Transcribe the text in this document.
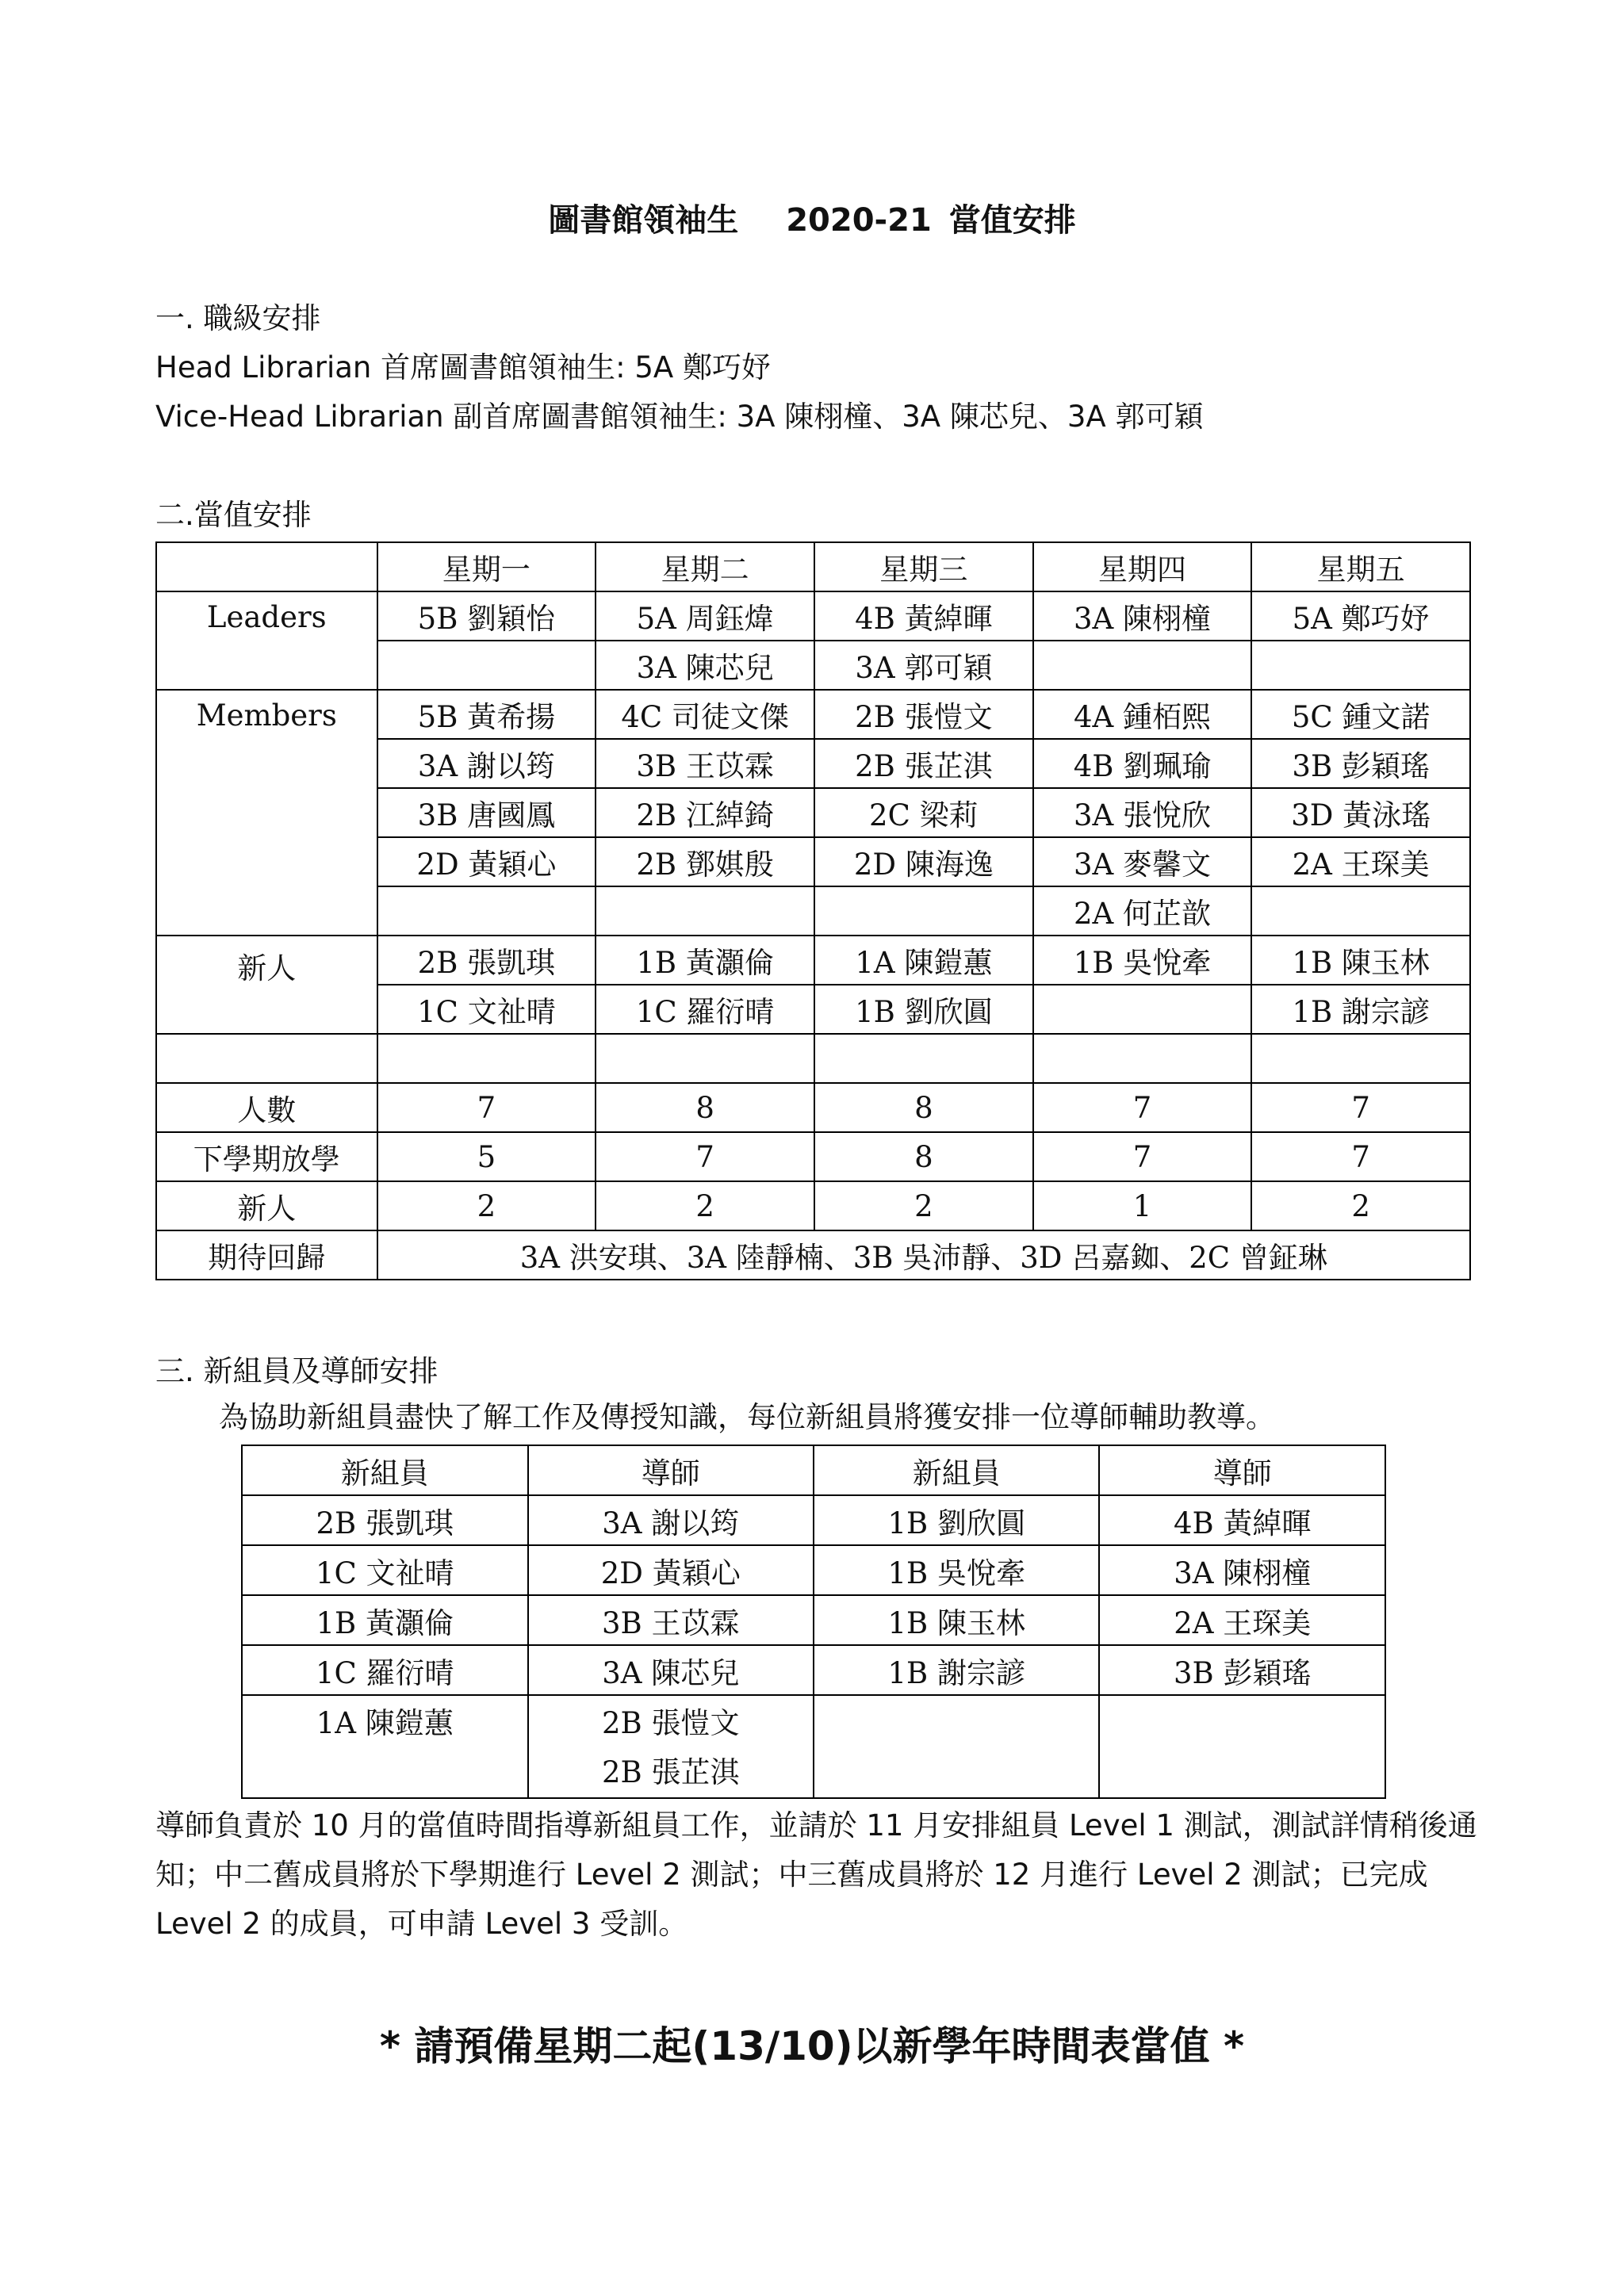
圖書館領袖生 2020-21 當值安排
一. 職級安排
Head Librarian 首席圖書館領袖生: 5A 鄭巧妤
Vice-Head Librarian 副首席圖書館領袖生: 3A 陳栩橦、3A 陳芯兒、3A 郭可穎
二.當值安排
	星期一	星期二	星期三	星期四	星期五
Leaders	5B 劉穎怡	5A 周鈺煒	4B 黃綽暉	3A 陳栩橦	5A 鄭巧妤
		3A 陳芯兒	3A 郭可穎		
Members	5B 黃希揚	4C 司徒文傑	2B 張愷文	4A 鍾栢熙	5C 鍾文諾
	3A 謝以筠	3B 王苡霖	2B 張芷淇	4B 劉珮瑜	3B 彭穎瑤
	3B 唐國鳳	2B 江綽錡	2C 梁莉	3A 張悅欣	3D 黃泳瑤
	2D 黃穎心	2B 鄧娸殷	2D 陳海逸	3A 麥馨文	2A 王琛美
				2A 何芷歆	
新人	2B 張凱琪	1B 黃灝倫	1A 陳鎧蕙	1B 吳悅牽	1B 陳玉林
	1C 文祉晴	1C 羅衍晴	1B 劉欣圓		1B 謝宗諺

人數	7	8	8	7	7
下學期放學	5	7	8	7	7
新人	2	2	2	1	2
期待回歸	3A 洪安琪、3A 陸靜楠、3B 吳沛靜、3D 呂嘉銣、2C 曾鉦琳				
三. 新組員及導師安排
為協助新組員盡快了解工作及傳授知識，每位新組員將獲安排一位導師輔助教導。
新組員	導師	新組員	導師
2B 張凱琪	3A 謝以筠	1B 劉欣圓	4B 黃綽暉
1C 文祉晴	2D 黃穎心	1B 吳悅牽	3A 陳栩橦
1B 黃灝倫	3B 王苡霖	1B 陳玉林	2A 王琛美
1C 羅衍晴	3A 陳芯兒	1B 謝宗諺	3B 彭穎瑤
1A 陳鎧蕙	2B 張愷文
2B 張芷淇		

導師負責於 10 月的當值時間指導新組員工作，並請於 11 月安排組員 Level 1 測試，測試詳情稍後通知；中二舊成員將於下學期進行 Level 2 測試；中三舊成員將於 12 月進行 Level 2 測試；已完成 Level 2 的成員，可申請 Level 3 受訓。
* 請預備星期二起(13/10)以新學年時間表當值 *
